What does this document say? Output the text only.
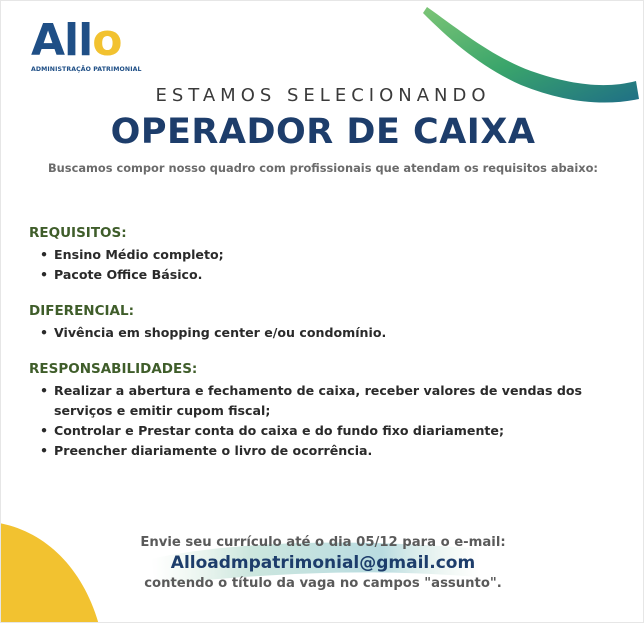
Allo
ADMINISTRAÇÃO PATRIMONIAL
ESTAMOS SELECIONANDO
OPERADOR DE CAIXA
Buscamos compor nosso quadro com profissionais que atendam os requisitos abaixo:
REQUISITOS:
• Ensino Médio completo;
• Pacote Office Básico.
DIFERENCIAL:
• Vivência em shopping center e/ou condomínio.
RESPONSABILIDADES:
• Realizar a abertura e fechamento de caixa, receber valores de vendas dos serviços e emitir cupom fiscal;
• Controlar e Prestar conta do caixa e do fundo fixo diariamente;
• Preencher diariamente o livro de ocorrência.
Envie seu currículo até o dia 05/12 para o e-mail:
Alloadmpatrimonial@gmail.com
contendo o título da vaga no campos "assunto".
